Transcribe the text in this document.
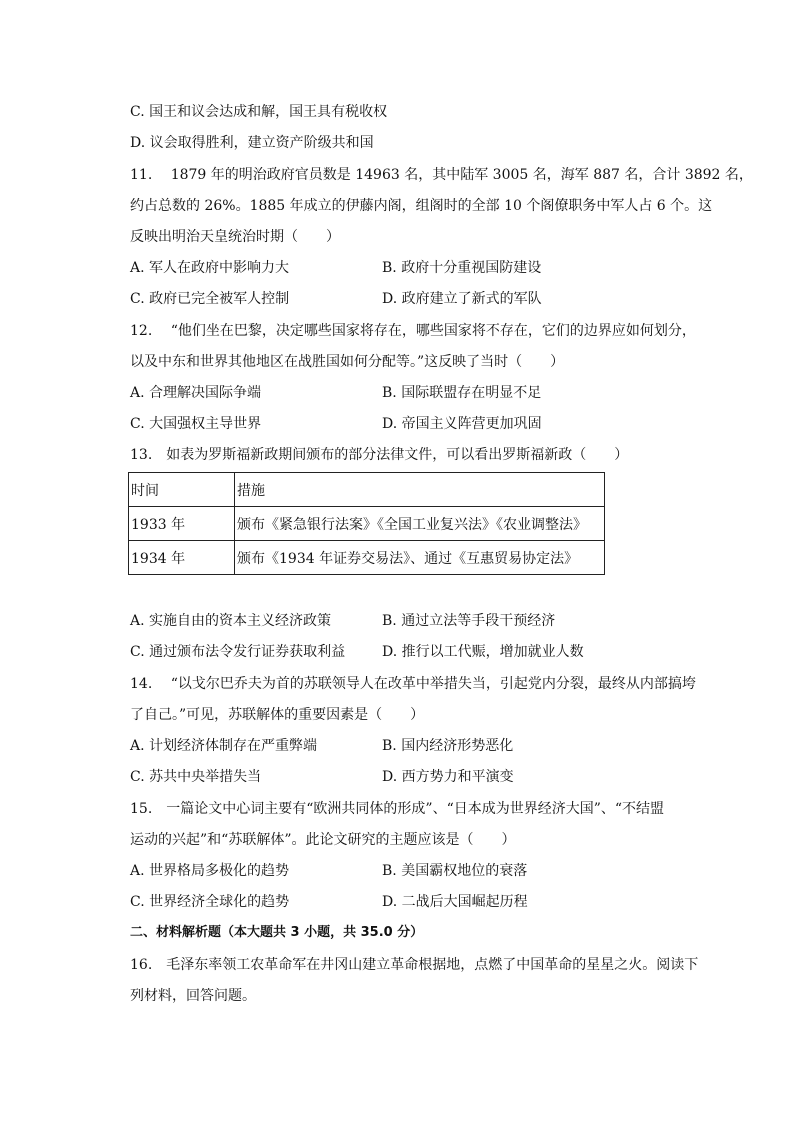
C. 国王和议会达成和解，国王具有税收权
D. 议会取得胜利，建立资产阶级共和国
11.　 1879 年的明治政府官员数是 14963 名，其中陆军 3005 名，海军 887 名，合计 3892 名，
约占总数的 26%。1885 年成立的伊藤内阁，组阁时的全部 10 个阁僚职务中军人占 6 个。这
反映出明治天皇统治时期（　　）
A. 军人在政府中影响力大	B. 政府十分重视国防建设
C. 政府已完全被军人控制	D. 政府建立了新式的军队
12.　 “他们坐在巴黎，决定哪些国家将存在，哪些国家将不存在，它们的边界应如何划分，
以及中东和世界其他地区在战胜国如何分配等。”这反映了当时（　　）
A. 合理解决国际争端	B. 国际联盟存在明显不足
C. 大国强权主导世界	D. 帝国主义阵营更加巩固
13.　如表为罗斯福新政期间颁布的部分法律文件，可以看出罗斯福新政（　　）
时间	措施
1933 年	颁布《紧急银行法案》《全国工业复兴法》《农业调整法》
1934 年	颁布《1934 年证券交易法》、通过《互惠贸易协定法》
A. 实施自由的资本主义经济政策	B. 通过立法等手段干预经济
C. 通过颁布法令发行证券获取利益	D. 推行以工代赈，增加就业人数
14.　 “以戈尔巴乔夫为首的苏联领导人在改革中举措失当，引起党内分裂，最终从内部搞垮
了自己。”可见，苏联解体的重要因素是（　　）
A. 计划经济体制存在严重弊端	B. 国内经济形势恶化
C. 苏共中央举措失当	D. 西方势力和平演变
15.　一篇论文中心词主要有“欧洲共同体的形成”、“日本成为世界经济大国”、“不结盟
运动的兴起”和“苏联解体”。此论文研究的主题应该是（　　）
A. 世界格局多极化的趋势	B. 美国霸权地位的衰落
C. 世界经济全球化的趋势	D. 二战后大国崛起历程
二、材料解析题（本大题共 3 小题，共 35.0 分）
16.　毛泽东率领工农革命军在井冈山建立革命根据地，点燃了中国革命的星星之火。阅读下
列材料，回答问题。
